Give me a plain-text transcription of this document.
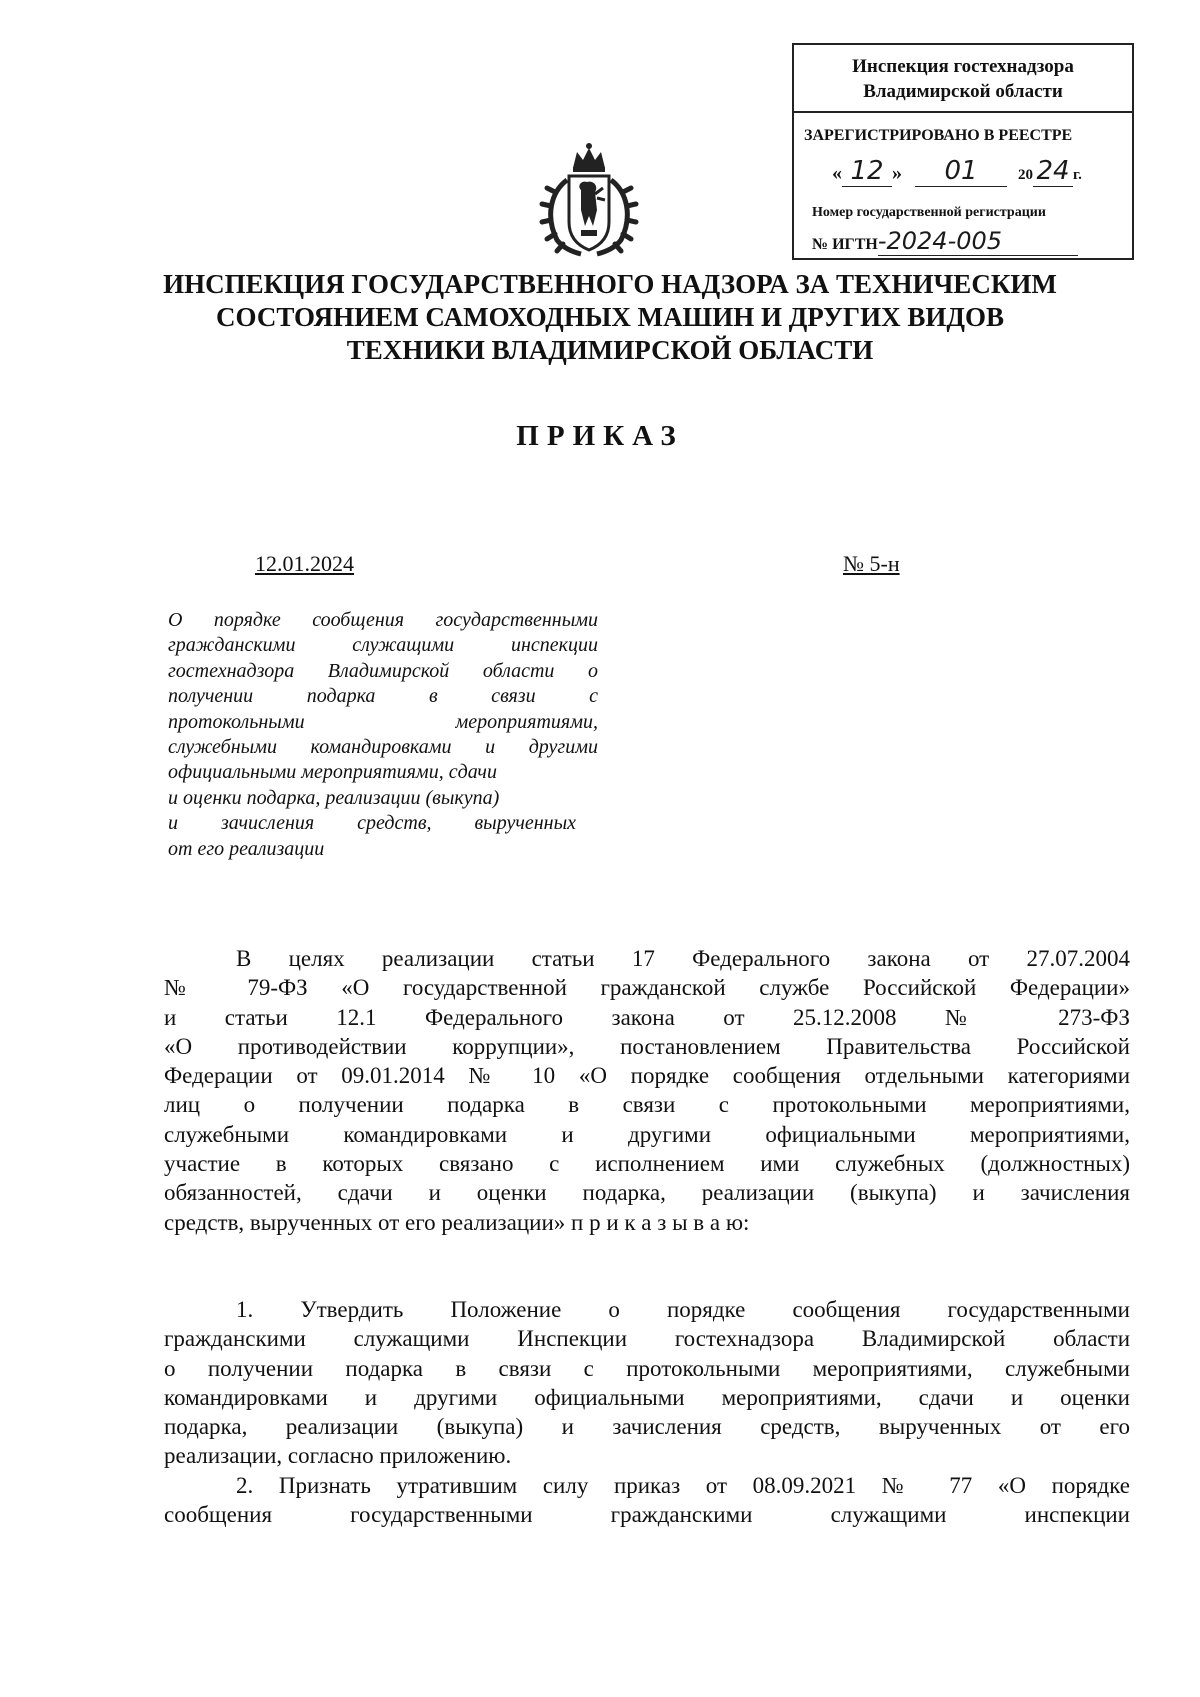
Инспекция гостехнадзора
Владимирской области
ЗАРЕГИСТРИРОВАНО В РЕЕСТРЕ
« 12 » 01	20 24 г.
Номер государственной регистрации
№ ИГТН-2024-005
ИНСПЕКЦИЯ ГОСУДАРСТВЕННОГО НАДЗОРА ЗА ТЕХНИЧЕСКИМ
СОСТОЯНИЕМ САМОХОДНЫХ МАШИН И ДРУГИХ ВИДОВ
ТЕХНИКИ ВЛАДИМИРСКОЙ ОБЛАСТИ
ПРИКАЗ
12.01.2024	№ 5-н
О порядке сообщения государственными
гражданскими служащими инспекции
гостехнадзора Владимирской области о
получении подарка в связи с
протокольными мероприятиями,
служебными командировками и другими
официальными мероприятиями, сдачи
и оценки подарка, реализации (выкупа)
и зачисления средств, вырученных
от его реализации
В целях реализации статьи 17 Федерального закона от 27.07.2004
№ 79-ФЗ «О государственной гражданской службе Российской Федерации»
и статьи 12.1 Федерального закона от 25.12.2008 № 273-ФЗ
«О противодействии коррупции», постановлением Правительства Российской
Федерации от 09.01.2014 № 10 «О порядке сообщения отдельными категориями
лиц о получении подарка в связи с протокольными мероприятиями,
служебными командировками и другими официальными мероприятиями,
участие в которых связано с исполнением ими служебных (должностных)
обязанностей, сдачи и оценки подарка, реализации (выкупа) и зачисления
средств, вырученных от его реализации» п р и к а з ы в а ю:
1. Утвердить Положение о порядке сообщения государственными
гражданскими служащими Инспекции гостехнадзора Владимирской области
о получении подарка в связи с протокольными мероприятиями, служебными
командировками и другими официальными мероприятиями, сдачи и оценки
подарка, реализации (выкупа) и зачисления средств, вырученных от его
реализации, согласно приложению.
2. Признать утратившим силу приказ от 08.09.2021 № 77 «О порядке
сообщения государственными гражданскими служащими инспекции
